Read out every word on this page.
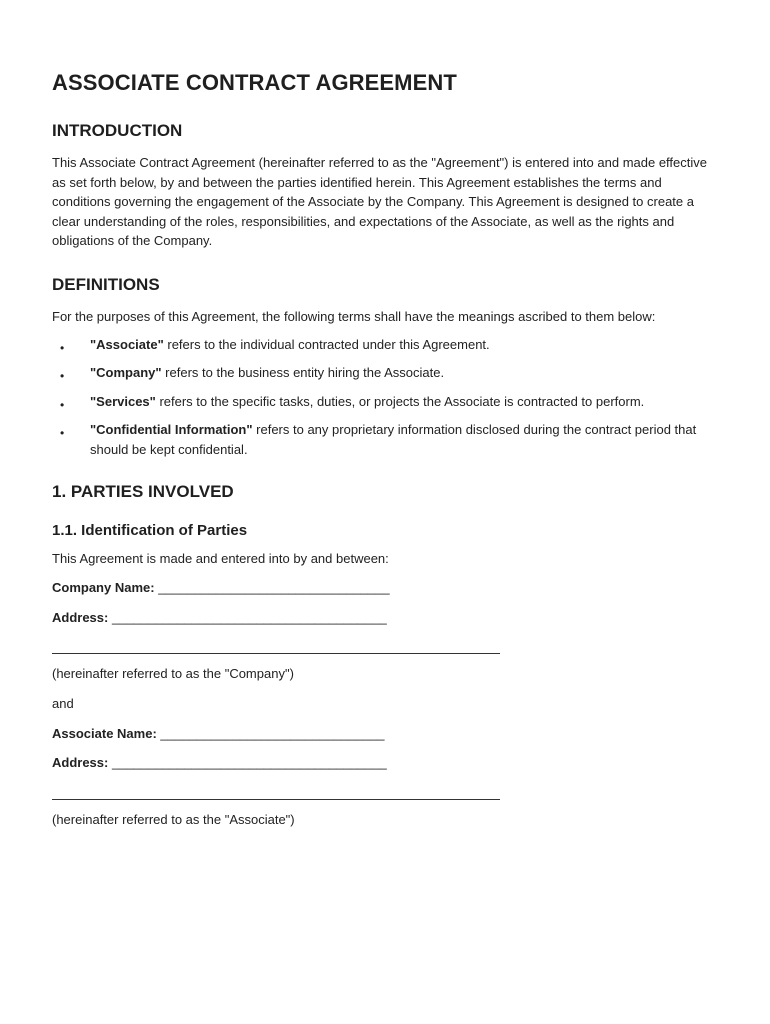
ASSOCIATE CONTRACT AGREEMENT
INTRODUCTION

This Associate Contract Agreement (hereinafter referred to as the "Agreement") is entered into and made effective as set forth below, by and between the parties identified herein. This Agreement establishes the terms and conditions governing the engagement of the Associate by the Company. This Agreement is designed to create a clear understanding of the roles, responsibilities, and expectations of the Associate, as well as the rights and obligations of the Company.

DEFINITIONS

For the purposes of this Agreement, the following terms shall have the meanings ascribed to them below:

• "Associate" refers to the individual contracted under this Agreement.
• "Company" refers to the business entity hiring the Associate.
• "Services" refers to the specific tasks, duties, or projects the Associate is contracted to perform.
• "Confidential Information" refers to any proprietary information disclosed during the contract period that should be kept confidential.
1. PARTIES INVOLVED
1.1. Identification of Parties

This Agreement is made and entered into by and between:

Company Name: ________________________________

Address: ______________________________________

(hereinafter referred to as the "Company")

and

Associate Name: _______________________________

Address: ______________________________________

(hereinafter referred to as the "Associate")
